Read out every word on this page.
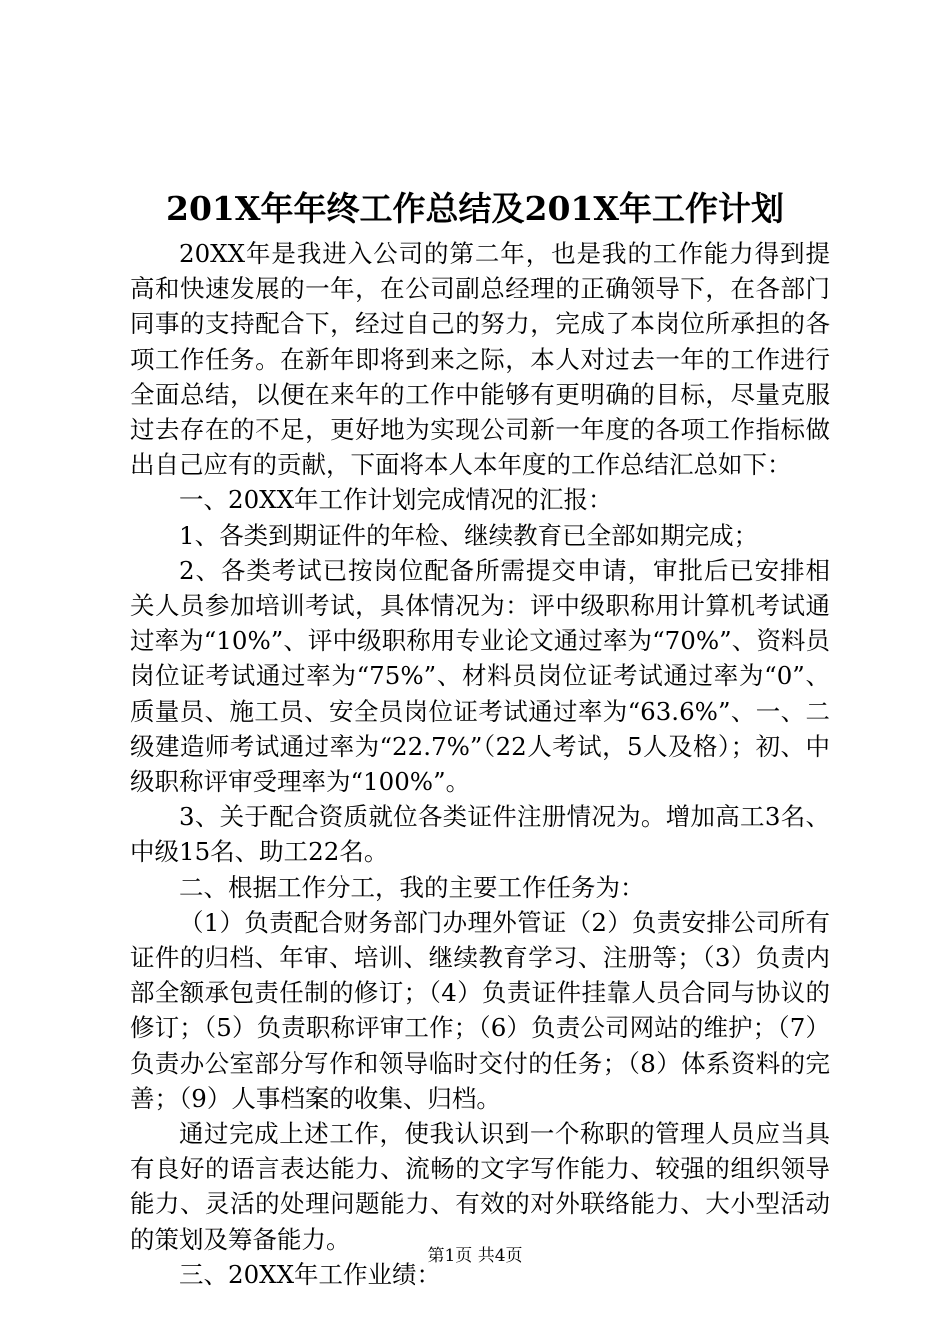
201X年年终工作总结及201X年工作计划

20XX年是我进入公司的第二年，也是我的工作能力得到提高和快速发展的一年，在公司副总经理的正确领导下，在各部门同事的支持配合下，经过自己的努力，完成了本岗位所承担的各项工作任务。在新年即将到来之际，本人对过去一年的工作进行全面总结，以便在来年的工作中能够有更明确的目标，尽量克服过去存在的不足，更好地为实现公司新一年度的各项工作指标做出自己应有的贡献，下面将本人本年度的工作总结汇总如下：

一、20XX年工作计划完成情况的汇报：

1、各类到期证件的年检、继续教育已全部如期完成；

2、各类考试已按岗位配备所需提交申请，审批后已安排相关人员参加培训考试，具体情况为：评中级职称用计算机考试通过率为“10%”、评中级职称用专业论文通过率为“70%”、资料员岗位证考试通过率为“75%”、材料员岗位证考试通过率为“0”、质量员、施工员、安全员岗位证考试通过率为“63.6%”、一、二级建造师考试通过率为“22.7%”（22人考试，5人及格）；初、中级职称评审受理率为“100%”。

3、关于配合资质就位各类证件注册情况为。增加高工3名、中级15名、助工22名。

二、根据工作分工，我的主要工作任务为：

（1）负责配合财务部门办理外管证（2）负责安排公司所有证件的归档、年审、培训、继续教育学习、注册等；（3）负责内部全额承包责任制的修订；（4）负责证件挂靠人员合同与协议的修订；（5）负责职称评审工作；（6）负责公司网站的维护；（7）负责办公室部分写作和领导临时交付的任务；（8）体系资料的完善；（9）人事档案的收集、归档。

通过完成上述工作，使我认识到一个称职的管理人员应当具有良好的语言表达能力、流畅的文字写作能力、较强的组织领导能力、灵活的处理问题能力、有效的对外联络能力、大小型活动的策划及筹备能力。

三、20XX年工作业绩：

第1页 共4页
